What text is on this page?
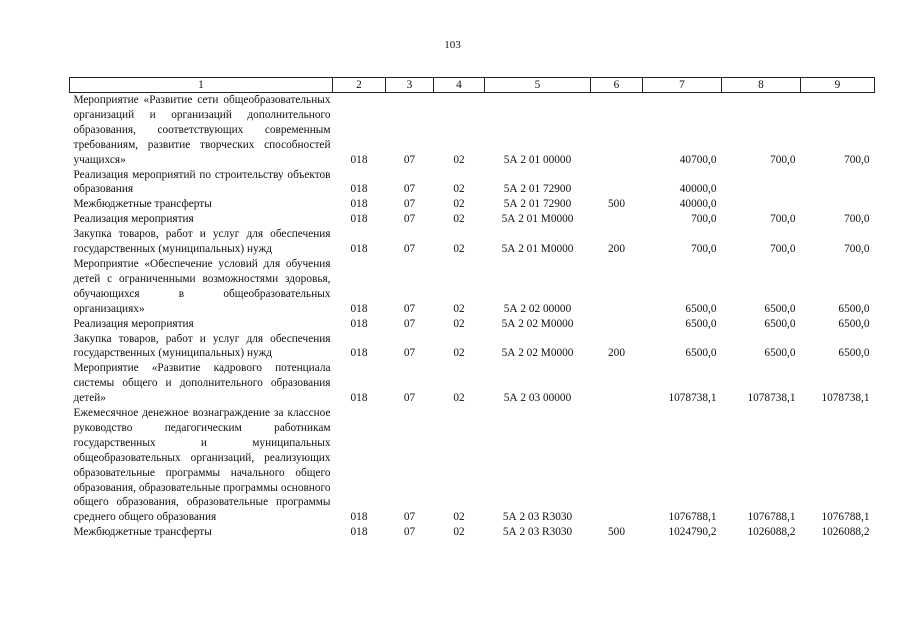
103
1	2	3	4	5	6	7	8	9
Мероприятие «Развитие сети общеобразовательных организаций и организаций дополнительного образования, соответствующих современным требованиям, развитие творческих способностей учащихся»	018	07	02	5А 2 01 00000		40700,0	700,0	700,0
Реализация мероприятий по строительству объектов образования	018	07	02	5А 2 01 72900		40000,0		
Межбюджетные трансферты	018	07	02	5А 2 01 72900	500	40000,0		
Реализация мероприятия	018	07	02	5А 2 01 M0000		700,0	700,0	700,0
Закупка товаров, работ и услуг для обеспечения государственных (муниципальных) нужд	018	07	02	5А 2 01 M0000	200	700,0	700,0	700,0
Мероприятие «Обеспечение условий для обучения детей с ограниченными возможностями здоровья, обучающихся в общеобразовательных организациях»	018	07	02	5А 2 02 00000		6500,0	6500,0	6500,0
Реализация мероприятия	018	07	02	5А 2 02 M0000		6500,0	6500,0	6500,0
Закупка товаров, работ и услуг для обеспечения государственных (муниципальных) нужд	018	07	02	5А 2 02 M0000	200	6500,0	6500,0	6500,0
Мероприятие «Развитие кадрового потенциала системы общего и дополнительного образования детей»	018	07	02	5А 2 03 00000		1078738,1	1078738,1	1078738,1
Ежемесячное денежное вознаграждение за классное руководство педагогическим работникам государственных и муниципальных общеобразовательных организаций, реализующих образовательные программы начального общего образования, образовательные программы основного общего образования, образовательные программы среднего общего образования	018	07	02	5А 2 03 R3030		1076788,1	1076788,1	1076788,1
Межбюджетные трансферты	018	07	02	5А 2 03 R3030	500	1024790,2	1026088,2	1026088,2
